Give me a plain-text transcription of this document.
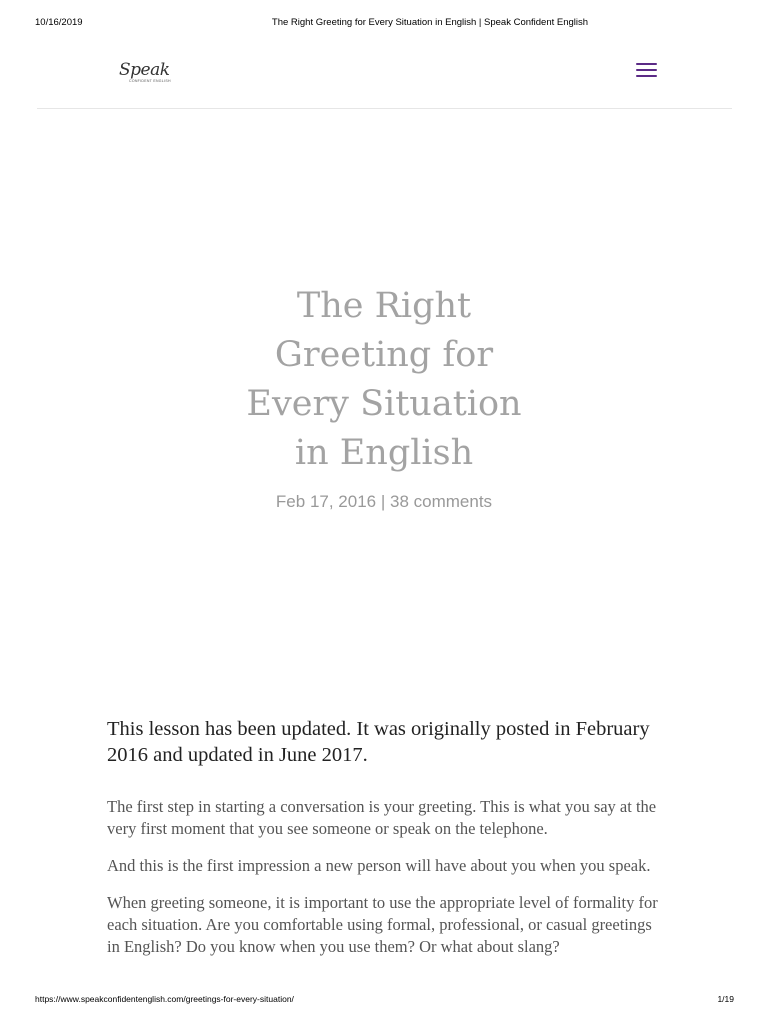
10/16/2019	The Right Greeting for Every Situation in English | Speak Confident English
Speak
CONFIDENT ENGLISH
The Right Greeting for Every Situation in English
Feb 17, 2016 | 38 comments

This lesson has been updated. It was originally posted in February 2016 and updated in June 2017.

The first step in starting a conversation is your greeting. This is what you say at the very first moment that you see someone or speak on the telephone.

And this is the first impression a new person will have about you when you speak.

When greeting someone, it is important to use the appropriate level of formality for each situation. Are you comfortable using formal, professional, or casual greetings in English? Do you know when you use them? Or what about slang?

https://www.speakconfidentenglish.com/greetings-for-every-situation/	1/19
